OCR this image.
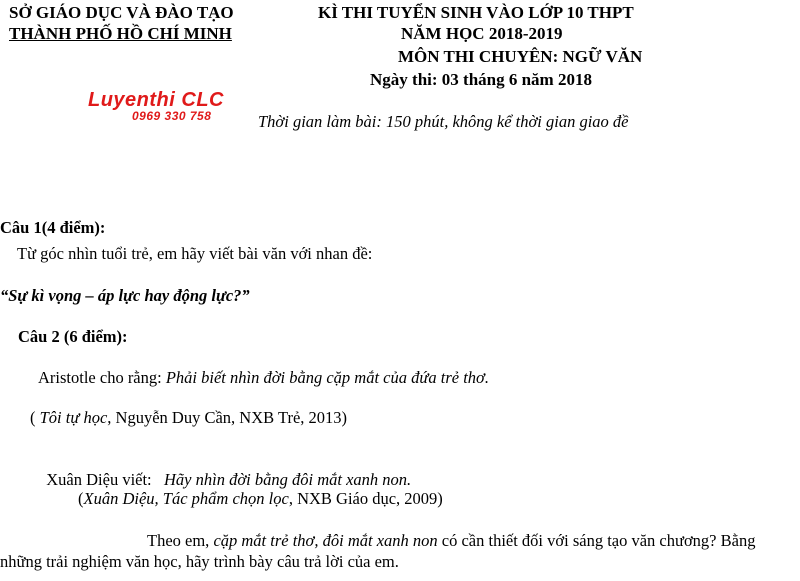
SỞ GIÁO DỤC VÀ ĐÀO TẠO
THÀNH PHỐ HỒ CHÍ MINH
KÌ THI TUYỂN SINH VÀO LỚP 10 THPT
NĂM HỌC 2018-2019
MÔN THI CHUYÊN: NGỮ VĂN
Ngày thi: 03 tháng 6 năm 2018
Luyenthi CLC
0969 330 758	Thời gian làm bài: 150 phút, không kể thời gian giao đề
Câu 1(4 điểm):
Từ góc nhìn tuổi trẻ, em hãy viết bài văn với nhan đề:
“Sự kì vọng – áp lực hay động lực?”
Câu 2 (6 điểm):
Aristotle cho rằng: Phải biết nhìn đời bằng cặp mắt của đứa trẻ thơ.
( Tôi tự học, Nguyễn Duy Cần, NXB Trẻ, 2013)

Xuân Diệu viết:   Hãy nhìn đời bằng đôi mắt xanh non.

(Xuân Diệu, Tác phẩm chọn lọc, NXB Giáo dục, 2009)
Theo em, cặp mắt trẻ thơ, đôi mắt xanh non có cần thiết đối với sáng tạo văn chương? Bằng những trải nghiệm văn học, hãy trình bày câu trả lời của em.
